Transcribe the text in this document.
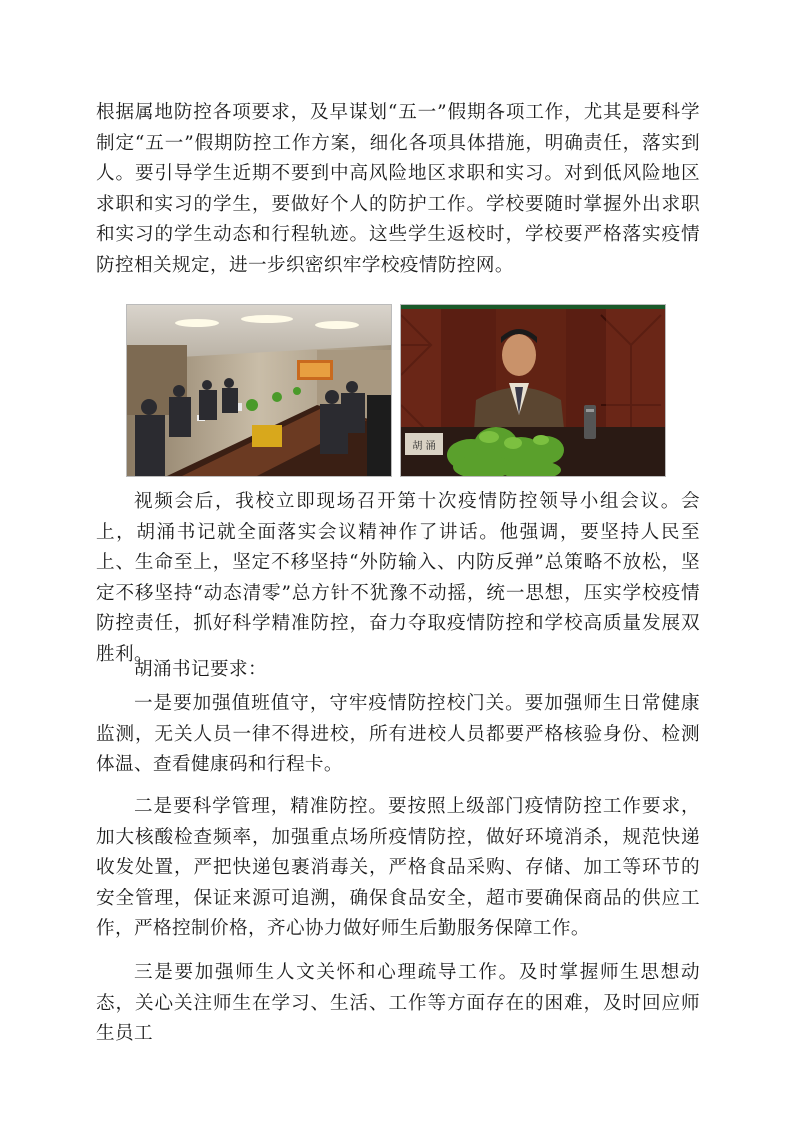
根据属地防控各项要求，及早谋划“五一”假期各项工作，尤其是要科学制定“五一”假期防控工作方案，细化各项具体措施，明确责任，落实到人。要引导学生近期不要到中高风险地区求职和实习。对到低风险地区求职和实习的学生，要做好个人的防护工作。学校要随时掌握外出求职和实习的学生动态和行程轨迹。这些学生返校时，学校要严格落实疫情防控相关规定，进一步织密织牢学校疫情防控网。

胡 涌

视频会后，我校立即现场召开第十次疫情防控领导小组会议。会上，胡涌书记就全面落实会议精神作了讲话。他强调，要坚持人民至上、生命至上，坚定不移坚持“外防输入、内防反弹”总策略不放松，坚定不移坚持“动态清零”总方针不犹豫不动摇，统一思想，压实学校疫情防控责任，抓好科学精准防控，奋力夺取疫情防控和学校高质量发展双胜利。

胡涌书记要求：

一是要加强值班值守，守牢疫情防控校门关。要加强师生日常健康监测，无关人员一律不得进校，所有进校人员都要严格核验身份、检测体温、查看健康码和行程卡。

二是要科学管理，精准防控。要按照上级部门疫情防控工作要求，加大核酸检查频率，加强重点场所疫情防控，做好环境消杀，规范快递收发处置，严把快递包裹消毒关，严格食品采购、存储、加工等环节的安全管理，保证来源可追溯，确保食品安全，超市要确保商品的供应工作，严格控制价格，齐心协力做好师生后勤服务保障工作。

三是要加强师生人文关怀和心理疏导工作。及时掌握师生思想动态，关心关注师生在学习、生活、工作等方面存在的困难，及时回应师生员工
